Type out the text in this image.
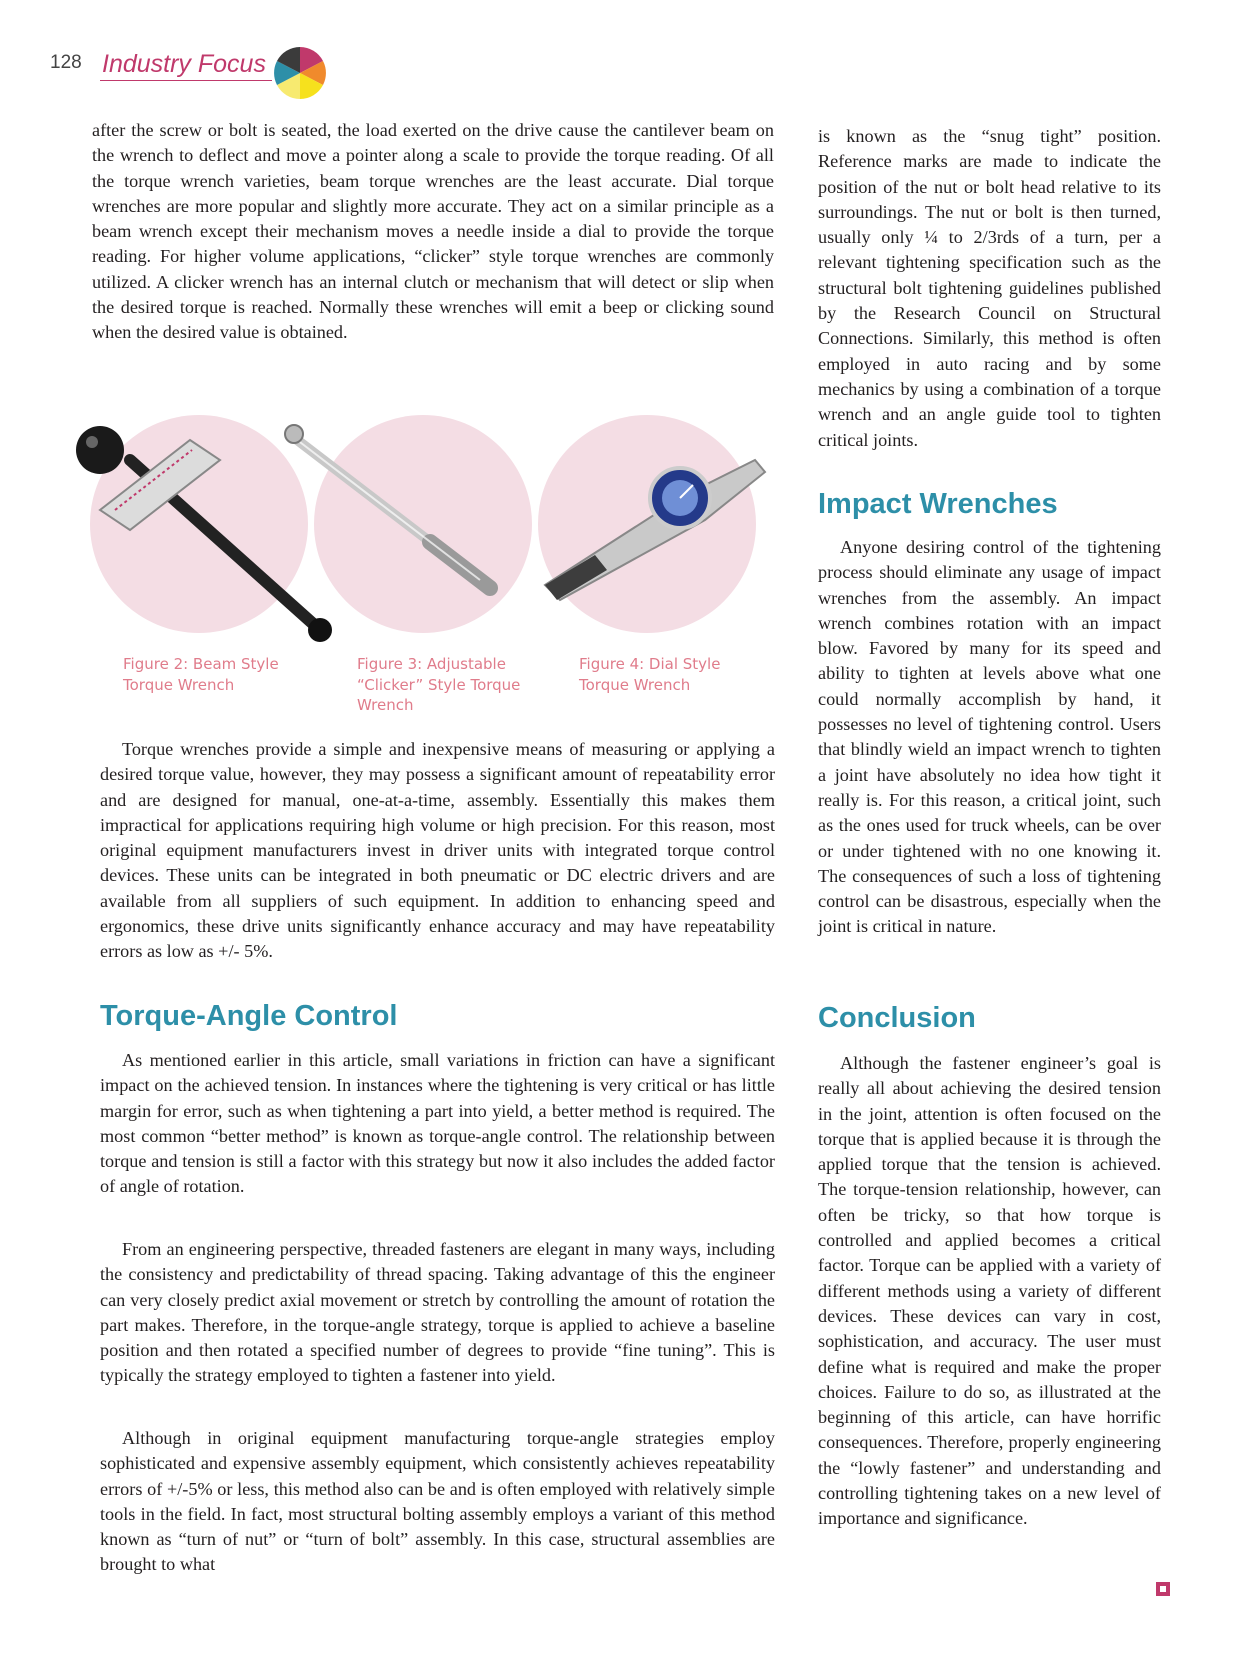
128 Industry Focus

after the screw or bolt is seated, the load exerted on the drive cause the cantilever beam on the wrench to deflect and move a pointer along a scale to provide the torque reading. Of all the torque wrench varieties, beam torque wrenches are the least accurate. Dial torque wrenches are more popular and slightly more accurate. They act on a similar principle as a beam wrench except their mechanism moves a needle inside a dial to provide the torque reading. For higher volume applications, “clicker” style torque wrenches are commonly utilized. A clicker wrench has an internal clutch or mechanism that will detect or slip when the desired torque is reached. Normally these wrenches will emit a beep or clicking sound when the desired value is obtained.

Figure 2: Beam Style Torque Wrench

Figure 3: Adjustable “Clicker” Style Torque Wrench

Figure 4: Dial Style Torque Wrench

Torque wrenches provide a simple and inexpensive means of measuring or applying a desired torque value, however, they may possess a significant amount of repeatability error and are designed for manual, one-at-a-time, assembly. Essentially this makes them impractical for applications requiring high volume or high precision. For this reason, most original equipment manufacturers invest in driver units with integrated torque control devices. These units can be integrated in both pneumatic or DC electric drivers and are available from all suppliers of such equipment. In addition to enhancing speed and ergonomics, these drive units significantly enhance accuracy and may have repeatability errors as low as +/- 5%.

Torque-Angle Control

As mentioned earlier in this article, small variations in friction can have a significant impact on the achieved tension. In instances where the tightening is very critical or has little margin for error, such as when tightening a part into yield, a better method is required. The most common “better method” is known as torque-angle control. The relationship between torque and tension is still a factor with this strategy but now it also includes the added factor of angle of rotation.

From an engineering perspective, threaded fasteners are elegant in many ways, including the consistency and predictability of thread spacing. Taking advantage of this the engineer can very closely predict axial movement or stretch by controlling the amount of rotation the part makes. Therefore, in the torque-angle strategy, torque is applied to achieve a baseline position and then rotated a specified number of degrees to provide “fine tuning”. This is typically the strategy employed to tighten a fastener into yield.

Although in original equipment manufacturing torque-angle strategies employ sophisticated and expensive assembly equipment, which consistently achieves repeatability errors of +/-5% or less, this method also can be and is often employed with relatively simple tools in the field. In fact, most structural bolting assembly employs a variant of this method known as “turn of nut” or “turn of bolt” assembly. In this case, structural assemblies are brought to what

is known as the “snug tight” position. Reference marks are made to indicate the position of the nut or bolt head relative to its surroundings. The nut or bolt is then turned, usually only ¼ to 2/3rds of a turn, per a relevant tightening specification such as the structural bolt tightening guidelines published by the Research Council on Structural Connections. Similarly, this method is often employed in auto racing and by some mechanics by using a combination of a torque wrench and an angle guide tool to tighten critical joints.

Impact Wrenches

Anyone desiring control of the tightening process should eliminate any usage of impact wrenches from the assembly. An impact wrench combines rotation with an impact blow. Favored by many for its speed and ability to tighten at levels above what one could normally accomplish by hand, it possesses no level of tightening control. Users that blindly wield an impact wrench to tighten a joint have absolutely no idea how tight it really is. For this reason, a critical joint, such as the ones used for truck wheels, can be over or under tightened with no one knowing it. The consequences of such a loss of tightening control can be disastrous, especially when the joint is critical in nature.

Conclusion

Although the fastener engineer’s goal is really all about achieving the desired tension in the joint, attention is often focused on the torque that is applied because it is through the applied torque that the tension is achieved. The torque-tension relationship, however, can often be tricky, so that how torque is controlled and applied becomes a critical factor. Torque can be applied with a variety of different methods using a variety of different devices. These devices can vary in cost, sophistication, and accuracy. The user must define what is required and make the proper choices. Failure to do so, as illustrated at the beginning of this article, can have horrific consequences. Therefore, properly engineering the “lowly fastener” and understanding and controlling tightening takes on a new level of importance and significance.
